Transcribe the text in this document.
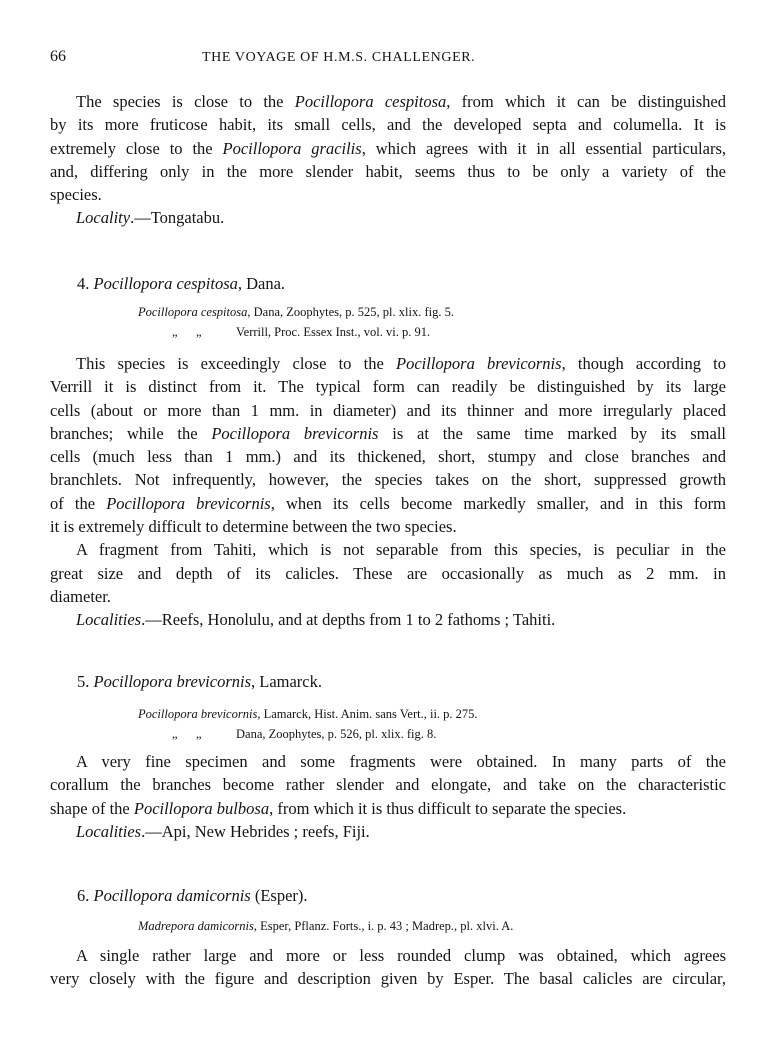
66	THE VOYAGE OF H.M.S. CHALLENGER.
The species is close to the Pocillopora cespitosa, from which it can be distinguished
by its more fruticose habit, its small cells, and the developed septa and columella. It is
extremely close to the Pocillopora gracilis, which agrees with it in all essential particulars,
and, differing only in the more slender habit, seems thus to be only a variety of the
species.
Locality.—Tongatabu.
4. Pocillopora cespitosa, Dana.
Pocillopora cespitosa, Dana, Zoophytes, p. 525, pl. xlix. fig. 5.
„ „	Verrill, Proc. Essex Inst., vol. vi. p. 91.
This species is exceedingly close to the Pocillopora brevicornis, though according to
Verrill it is distinct from it. The typical form can readily be distinguished by its large
cells (about or more than 1 mm. in diameter) and its thinner and more irregularly placed
branches; while the Pocillopora brevicornis is at the same time marked by its small
cells (much less than 1 mm.) and its thickened, short, stumpy and close branches and
branchlets. Not infrequently, however, the species takes on the short, suppressed growth
of the Pocillopora brevicornis, when its cells become markedly smaller, and in this form
it is extremely difficult to determine between the two species.
A fragment from Tahiti, which is not separable from this species, is peculiar in the
great size and depth of its calicles. These are occasionally as much as 2 mm. in
diameter.
Localities.—Reefs, Honolulu, and at depths from 1 to 2 fathoms ; Tahiti.
5. Pocillopora brevicornis, Lamarck.
Pocillopora brevicornis, Lamarck, Hist. Anim. sans Vert., ii. p. 275.
„ „	Dana, Zoophytes, p. 526, pl. xlix. fig. 8.
A very fine specimen and some fragments were obtained. In many parts of the
corallum the branches become rather slender and elongate, and take on the characteristic
shape of the Pocillopora bulbosa, from which it is thus difficult to separate the species.
Localities.—Api, New Hebrides ; reefs, Fiji.
6. Pocillopora damicornis (Esper).
Madrepora damicornis, Esper, Pflanz. Forts., i. p. 43 ; Madrep., pl. xlvi. A.
A single rather large and more or less rounded clump was obtained, which agrees
very closely with the figure and description given by Esper. The basal calicles are circular,
